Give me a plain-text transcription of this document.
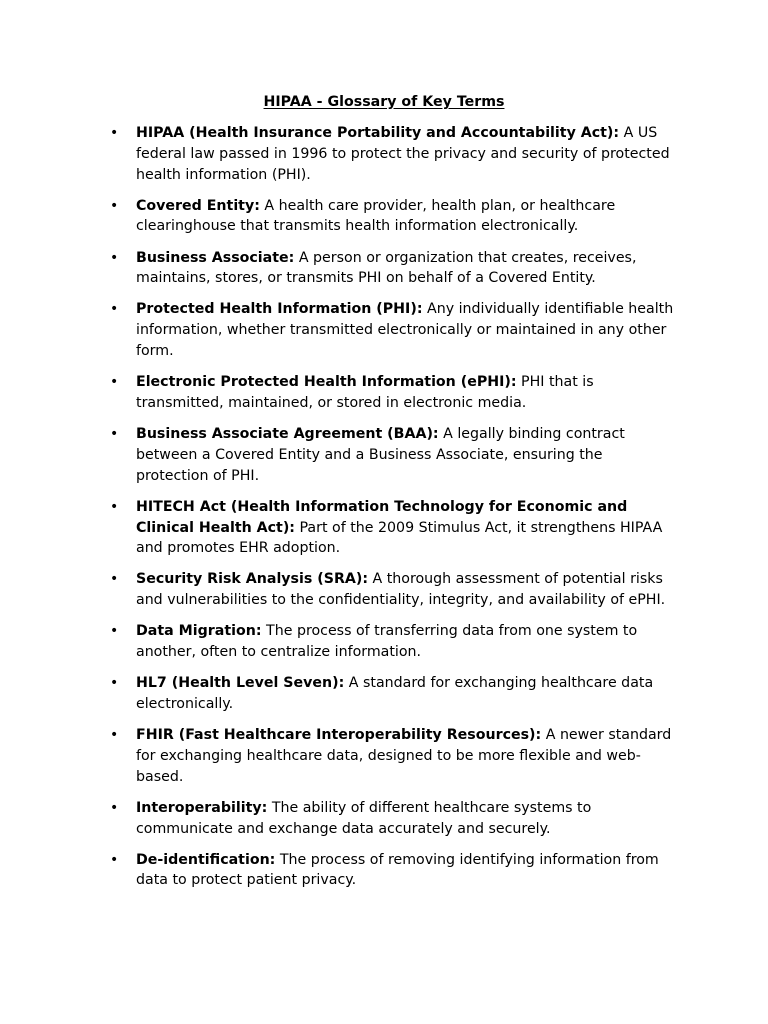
HIPAA - Glossary of Key Terms
• HIPAA (Health Insurance Portability and Accountability Act): A US federal law passed in 1996 to protect the privacy and security of protected health information (PHI).
• Covered Entity: A health care provider, health plan, or healthcare clearinghouse that transmits health information electronically.
• Business Associate: A person or organization that creates, receives, maintains, stores, or transmits PHI on behalf of a Covered Entity.
• Protected Health Information (PHI): Any individually identifiable health information, whether transmitted electronically or maintained in any other form.
• Electronic Protected Health Information (ePHI): PHI that is transmitted, maintained, or stored in electronic media.
• Business Associate Agreement (BAA): A legally binding contract between a Covered Entity and a Business Associate, ensuring the protection of PHI.
• HITECH Act (Health Information Technology for Economic and Clinical Health Act): Part of the 2009 Stimulus Act, it strengthens HIPAA and promotes EHR adoption.
• Security Risk Analysis (SRA): A thorough assessment of potential risks and vulnerabilities to the confidentiality, integrity, and availability of ePHI.
• Data Migration: The process of transferring data from one system to another, often to centralize information.
• HL7 (Health Level Seven): A standard for exchanging healthcare data electronically.
• FHIR (Fast Healthcare Interoperability Resources): A newer standard for exchanging healthcare data, designed to be more flexible and web-based.
• Interoperability: The ability of different healthcare systems to communicate and exchange data accurately and securely.
• De-identification: The process of removing identifying information from data to protect patient privacy.
